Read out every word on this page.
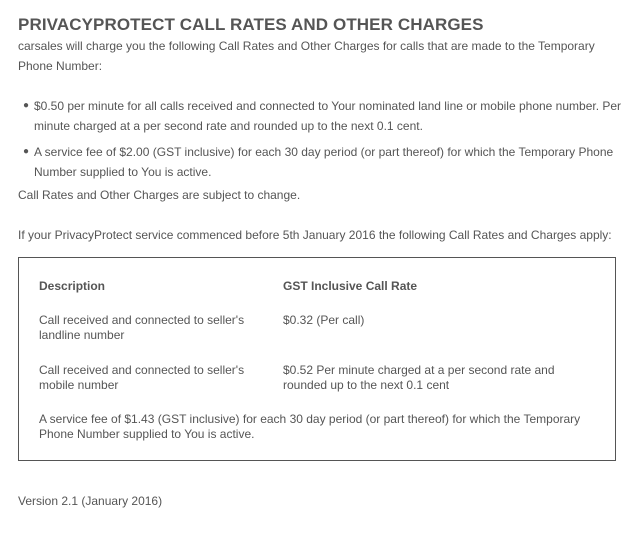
PRIVACYPROTECT CALL RATES AND OTHER CHARGES

carsales will charge you the following Call Rates and Other Charges for calls that are made to the Temporary Phone Number:

● $0.50 per minute for all calls received and connected to Your nominated land line or mobile phone number. Per minute charged at a per second rate and rounded up to the next 0.1 cent.
● A service fee of $2.00 (GST inclusive) for each 30 day period (or part thereof) for which the Temporary Phone Number supplied to You is active.

Call Rates and Other Charges are subject to change.

If your PrivacyProtect service commenced before 5th January 2016 the following Call Rates and Charges apply:

Description	GST Inclusive Call Rate
Call received and connected to seller's landline number
$0.32 (Per call)
Call received and connected to seller's mobile number
$0.52 Per minute charged at a per second rate and rounded up to the next 0.1 cent
A service fee of $1.43 (GST inclusive) for each 30 day period (or part thereof) for which the Temporary Phone Number supplied to You is active.

Version 2.1 (January 2016)
